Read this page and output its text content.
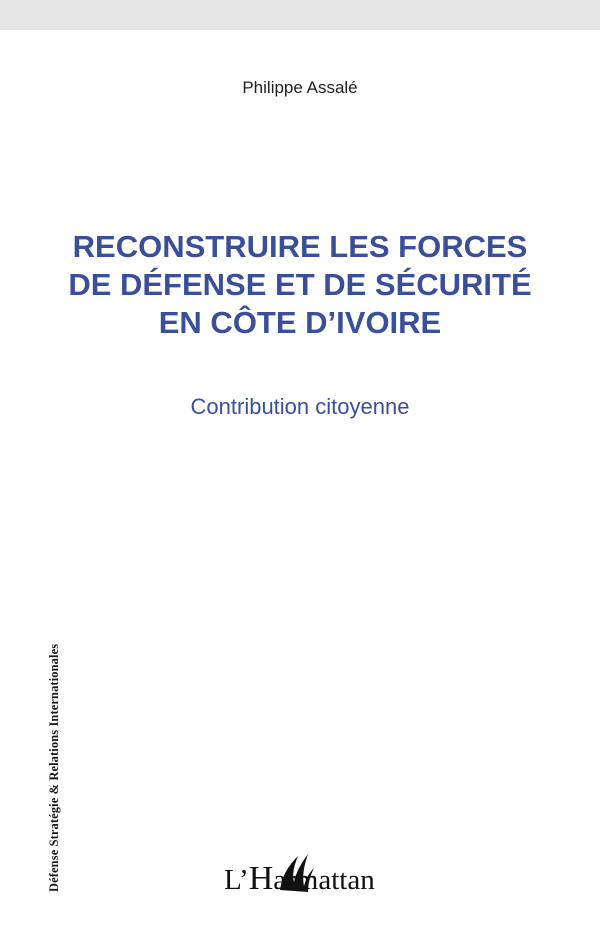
Philippe Assalé
RECONSTRUIRE LES FORCES
DE DÉFENSE ET DE SÉCURITÉ
EN CÔTE D’IVOIRE
Contribution citoyenne
Défense Stratégie & Relations Internationales	L’Harmattan
